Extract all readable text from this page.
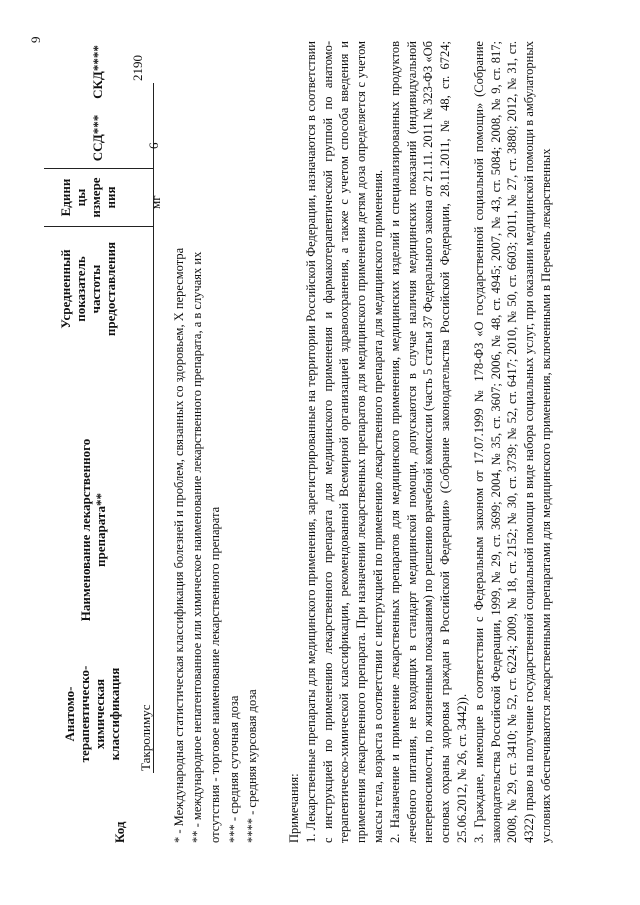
9
Код
Анатомо-
терапевтическо-
химическая
классификация
Наименование лекарственного
препарата**
Усредненный
показатель
частоты
предоставления
Едини
цы
измере
ния
ССД***
СКД****
Такролимус
мг
6
2190
* - Международная статистическая классификация болезней и проблем, связанных со здоровьем, X пересмотра ** - международное непатентованное или химическое наименование лекарственного препарата, а в случаях их отсутствия - торговое наименование лекарственного препарата *** - средняя суточная доза **** - средняя курсовая доза Примечания: 1. Лекарственные препараты для медицинского применения, зарегистрированные на территории Российской Федерации, назначаются в соответствии с инструкцией по применению лекарственного препарата для медицинского применения и фармакотерапевтической группой по анатомо-терапевтическо-химической классификации, рекомендованной Всемирной организацией здравоохранения, а также с учетом способа введения и применения лекарственного препарата. При назначении лекарственных препаратов для медицинского применения детям доза определяется с учетом массы тела, возраста в соответствии с инструкцией по применению лекарственного препарата для медицинского применения. 2. Назначение и применение лекарственных препаратов для медицинского применения, медицинских изделий и специализированных продуктов лечебного питания, не входящих в стандарт медицинской помощи, допускаются в случае наличия медицинских показаний (индивидуальной непереносимости, по жизненным показаниям) по решению врачебной комиссии (часть 5 статьи 37 Федерального закона от 21.11. 2011 № 323-ФЗ «Об основах охраны здоровья граждан в Российской Федерации» (Собрание законодательства Российской Федерации, 28.11.2011, № 48, ст. 6724; 25.06.2012, № 26, ст. 3442)). 3. Граждане, имеющие в соответствии с Федеральным законом от 17.07.1999 № 178-ФЗ «О государственной социальной помощи» (Собрание законодательства Российской Федерации, 1999, № 29, ст. 3699; 2004, № 35, ст. 3607; 2006, № 48, ст. 4945; 2007, № 43, ст. 5084; 2008, № 9, ст. 817; 2008, № 29, ст. 3410; № 52, ст. 6224; 2009, № 18, ст. 2152; № 30, ст. 3739; № 52, ст. 6417; 2010, № 50, ст. 6603; 2011, № 27, ст. 3880; 2012, № 31, ст. 4322) право на получение государственной социальной помощи в виде набора социальных услуг, при оказании медицинской помощи в амбулаторных условиях обеспечиваются лекарственными препаратами для медицинского применения, включенными в Перечень лекарственных
